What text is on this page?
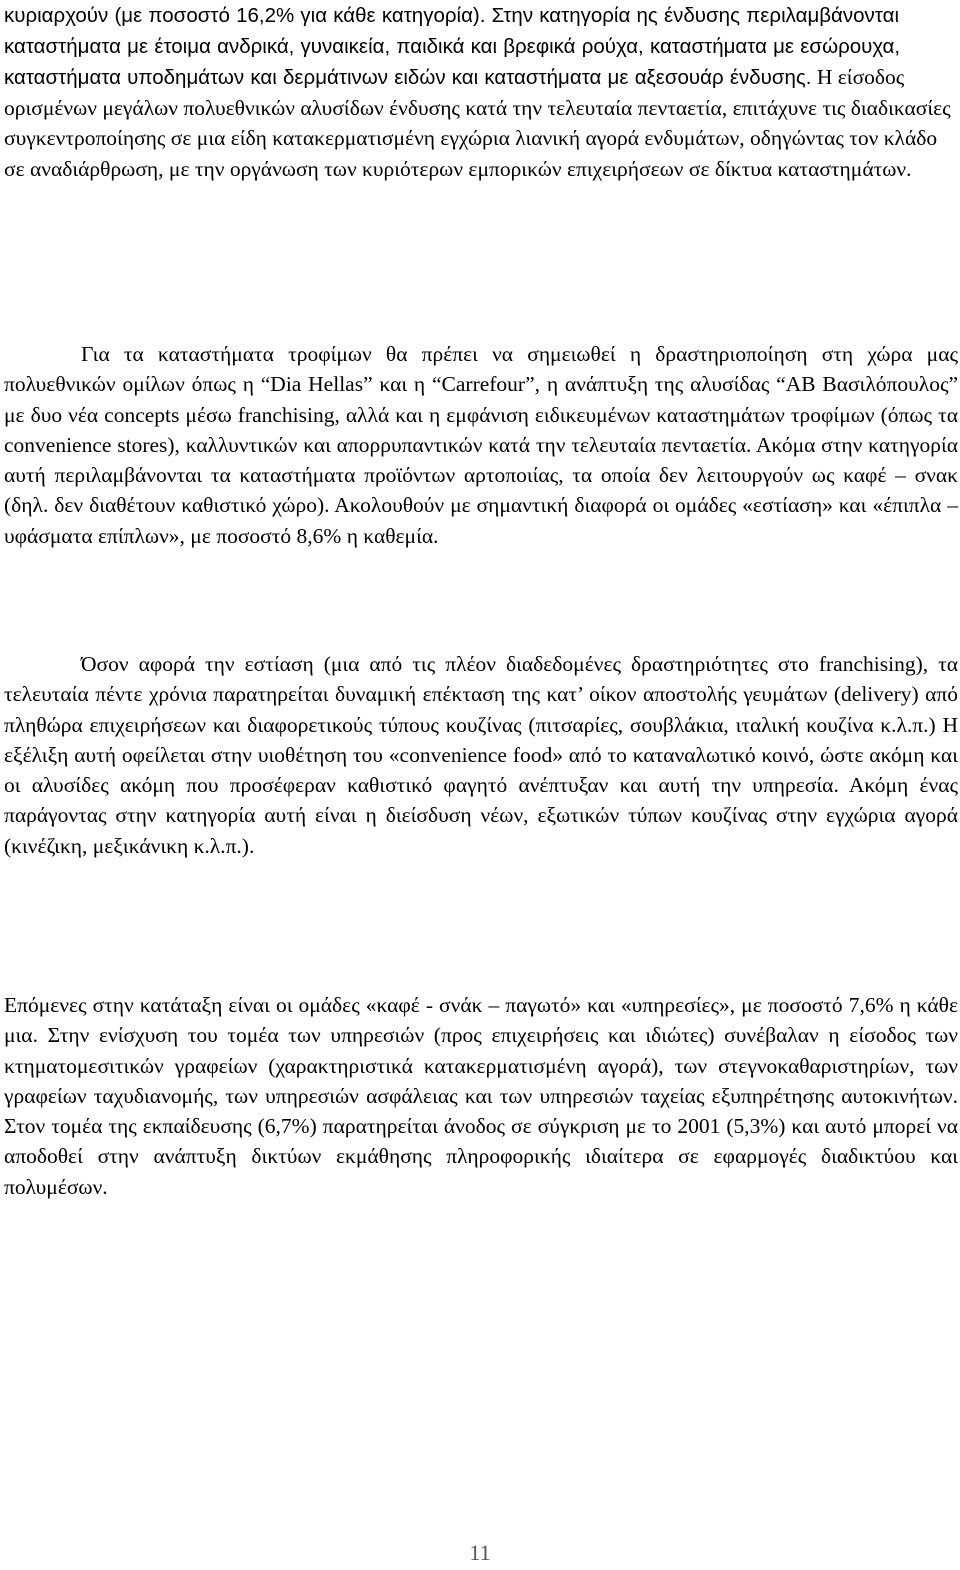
κυριαρχούν (με ποσοστό 16,2% για κάθε κατηγορία). Στην κατηγορία ης ένδυσης περιλαμβάνονται καταστήματα με έτοιμα ανδρικά, γυναικεία, παιδικά και βρεφικά ρούχα, καταστήματα με εσώρουχα, καταστήματα υποδημάτων και δερμάτινων ειδών και καταστήματα με αξεσουάρ ένδυσης. Η είσοδος ορισμένων μεγάλων πολυεθνικών αλυσίδων ένδυσης κατά την τελευταία πενταετία, επιτάχυνε τις διαδικασίες συγκεντροποίησης σε μια είδη κατακερματισμένη εγχώρια λιανική αγορά ενδυμάτων, οδηγώντας τον κλάδο σε αναδιάρθρωση, με την οργάνωση των κυριότερων εμπορικών επιχειρήσεων σε δίκτυα καταστημάτων.

Για τα καταστήματα τροφίμων θα πρέπει να σημειωθεί η δραστηριοποίηση στη χώρα μας πολυεθνικών ομίλων όπως η “Dia Hellas” και η “Carrefour”, η ανάπτυξη της αλυσίδας “ΑΒ Βασιλόπουλος” με δυο νέα concepts μέσω franchising, αλλά και η εμφάνιση ειδικευμένων καταστημάτων τροφίμων (όπως τα convenience stores), καλλυντικών και απορρυπαντικών κατά την τελευταία πενταετία. Ακόμα στην κατηγορία αυτή περιλαμβάνονται τα καταστήματα προϊόντων αρτοποιίας, τα οποία δεν λειτουργούν ως καφέ – σνακ (δηλ. δεν διαθέτουν καθιστικό χώρο). Ακολουθούν με σημαντική διαφορά οι ομάδες «εστίαση» και «έπιπλα – υφάσματα επίπλων», με ποσοστό 8,6% η καθεμία.

Όσον αφορά την εστίαση (μια από τις πλέον διαδεδομένες δραστηριότητες στο franchising), τα τελευταία πέντε χρόνια παρατηρείται δυναμική επέκταση της κατ’ οίκον αποστολής γευμάτων (delivery) από πληθώρα επιχειρήσεων και διαφορετικούς τύπους κουζίνας (πιτσαρίες, σουβλάκια, ιταλική κουζίνα κ.λ.π.) Η εξέλιξη αυτή οφείλεται στην υιοθέτηση του «convenience food» από το καταναλωτικό κοινό, ώστε ακόμη και οι αλυσίδες ακόμη που προσέφεραν καθιστικό φαγητό ανέπτυξαν και αυτή την υπηρεσία. Ακόμη ένας παράγοντας στην κατηγορία αυτή είναι η διείσδυση νέων, εξωτικών τύπων κουζίνας στην εγχώρια αγορά (κινέζικη, μεξικάνικη κ.λ.π.).

Επόμενες στην κατάταξη είναι οι ομάδες «καφέ - σνάκ – παγωτό» και «υπηρεσίες», με ποσοστό 7,6% η κάθε μια. Στην ενίσχυση του τομέα των υπηρεσιών (προς επιχειρήσεις και ιδιώτες) συνέβαλαν η είσοδος των κτηματομεσιτικών γραφείων (χαρακτηριστικά κατακερματισμένη αγορά), των στεγνοκαθαριστηρίων, των γραφείων ταχυδιανομής, των υπηρεσιών ασφάλειας και των υπηρεσιών ταχείας εξυπηρέτησης αυτοκινήτων. Στον τομέα της εκπαίδευσης (6,7%) παρατηρείται άνοδος σε σύγκριση με το 2001 (5,3%) και αυτό μπορεί να αποδοθεί στην ανάπτυξη δικτύων εκμάθησης πληροφορικής ιδιαίτερα σε εφαρμογές διαδικτύου και πολυμέσων.

11
